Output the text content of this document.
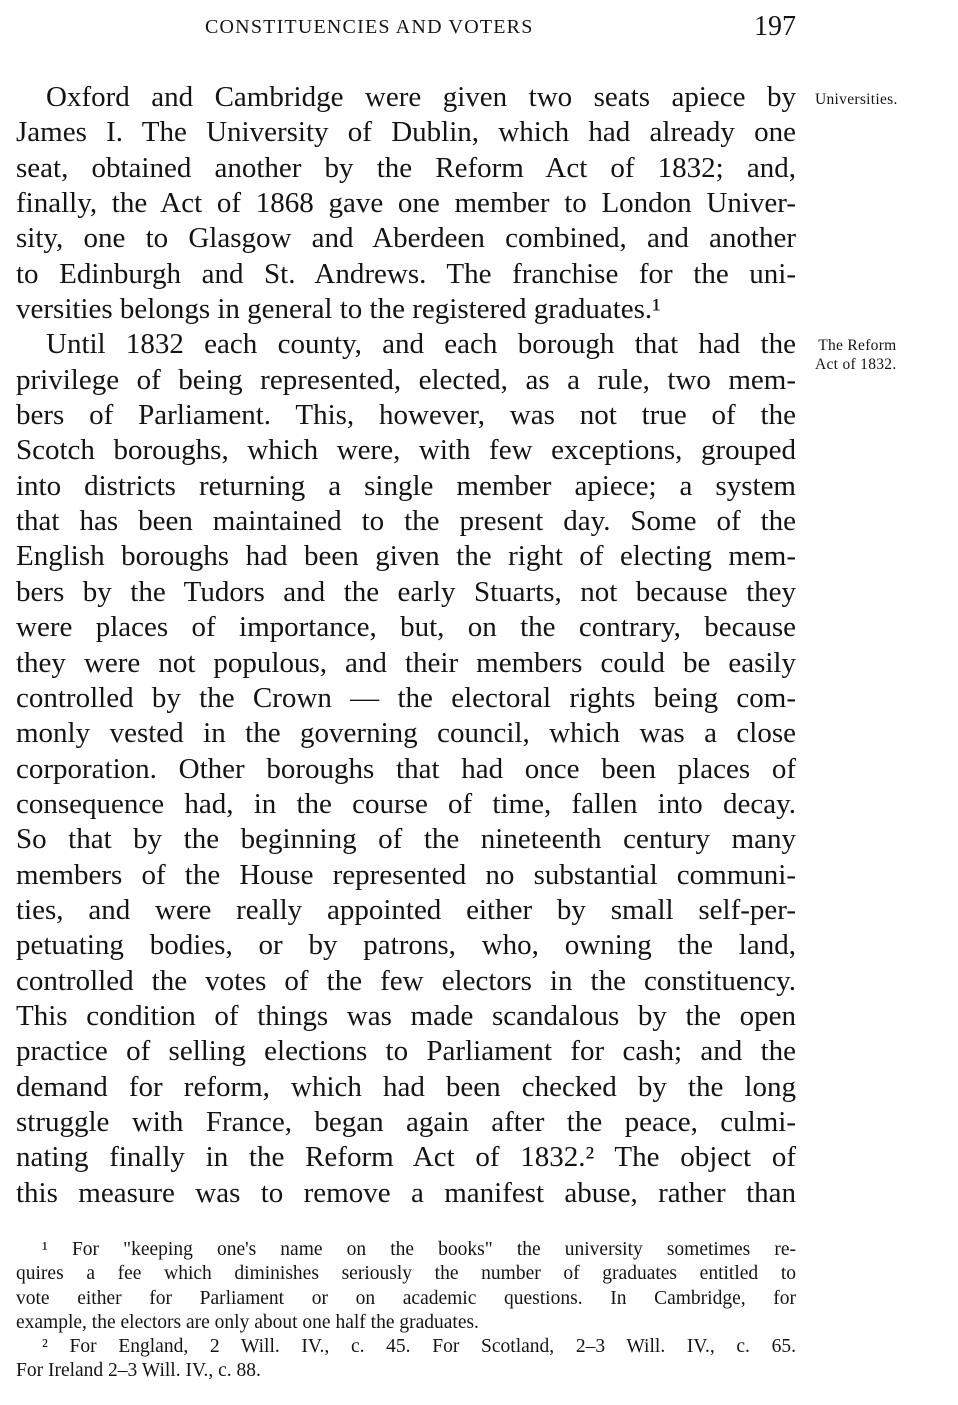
CONSTITUENCIES AND VOTERS	197
Universities.
The Reform
Act of 1832.
Oxford and Cambridge were given two seats apiece by
James I. The University of Dublin, which had already one
seat, obtained another by the Reform Act of 1832; and,
finally, the Act of 1868 gave one member to London Univer-
sity, one to Glasgow and Aberdeen combined, and another
to Edinburgh and St. Andrews. The franchise for the uni-
versities belongs in general to the registered graduates.¹
Until 1832 each county, and each borough that had the
privilege of being represented, elected, as a rule, two mem-
bers of Parliament. This, however, was not true of the
Scotch boroughs, which were, with few exceptions, grouped
into districts returning a single member apiece; a system
that has been maintained to the present day. Some of the
English boroughs had been given the right of electing mem-
bers by the Tudors and the early Stuarts, not because they
were places of importance, but, on the contrary, because
they were not populous, and their members could be easily
controlled by the Crown — the electoral rights being com-
monly vested in the governing council, which was a close
corporation. Other boroughs that had once been places of
consequence had, in the course of time, fallen into decay.
So that by the beginning of the nineteenth century many
members of the House represented no substantial communi-
ties, and were really appointed either by small self-per-
petuating bodies, or by patrons, who, owning the land,
controlled the votes of the few electors in the constituency.
This condition of things was made scandalous by the open
practice of selling elections to Parliament for cash; and the
demand for reform, which had been checked by the long
struggle with France, began again after the peace, culmi-
nating finally in the Reform Act of 1832.² The object of
this measure was to remove a manifest abuse, rather than
¹ For "keeping one's name on the books" the university sometimes re-
quires a fee which diminishes seriously the number of graduates entitled to
vote either for Parliament or on academic questions. In Cambridge, for
example, the electors are only about one half the graduates.
² For England, 2 Will. IV., c. 45. For Scotland, 2–3 Will. IV., c. 65.
For Ireland 2–3 Will. IV., c. 88.
